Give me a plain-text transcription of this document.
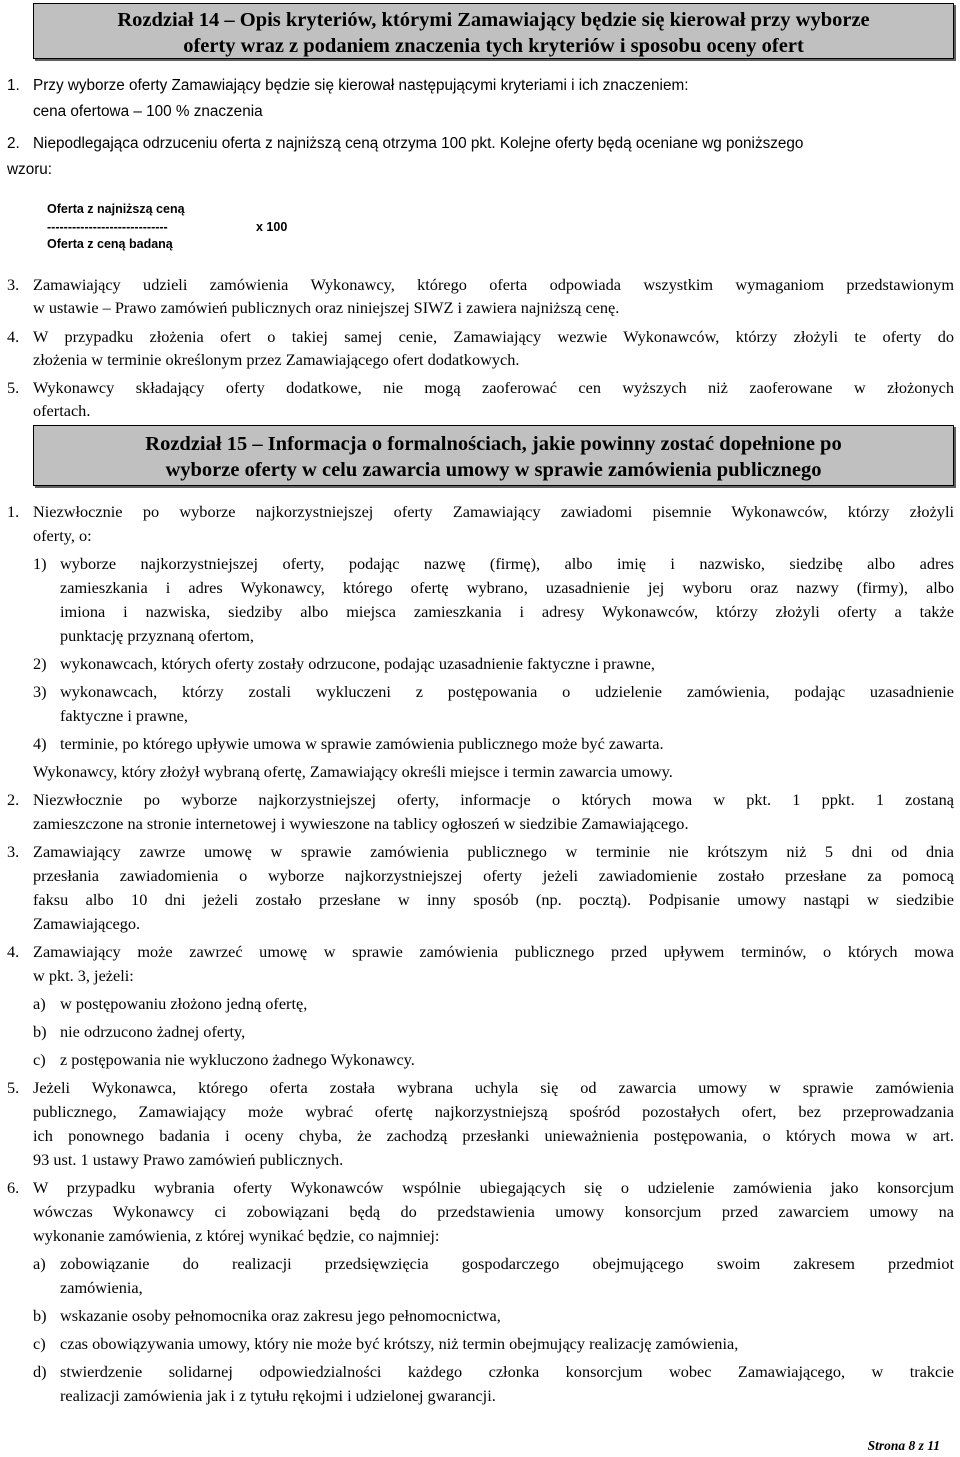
Rozdział 14 – Opis kryteriów, którymi Zamawiający będzie się kierował przy wyborze
oferty wraz z podaniem znaczenia tych kryteriów i sposobu oceny ofert
1. Przy wyborze oferty Zamawiający będzie się kierował następującymi kryteriami i ich znaczeniem:
cena ofertowa – 100 % znaczenia
2. Niepodlegająca odrzuceniu oferta z najniższą ceną otrzyma 100 pkt. Kolejne oferty będą oceniane wg poniższego
wzoru:
Oferta z najniższą ceną
-----------------------------	x 100
Oferta z ceną badaną
3. Zamawiający udzieli zamówienia Wykonawcy, którego oferta odpowiada wszystkim wymaganiom przedstawionym
w ustawie – Prawo zamówień publicznych oraz niniejszej SIWZ i zawiera najniższą cenę.
4. W przypadku złożenia ofert o takiej samej cenie, Zamawiający wezwie Wykonawców, którzy złożyli te oferty do
złożenia w terminie określonym przez Zamawiającego ofert dodatkowych.
5. Wykonawcy składający oferty dodatkowe, nie mogą zaoferować cen wyższych niż zaoferowane w złożonych
ofertach.
Rozdział 15 – Informacja o formalnościach, jakie powinny zostać dopełnione po
wyborze oferty w celu zawarcia umowy w sprawie zamówienia publicznego
1. Niezwłocznie po wyborze najkorzystniejszej oferty Zamawiający zawiadomi pisemnie Wykonawców, którzy złożyli
oferty, o:
1) wyborze najkorzystniejszej oferty, podając nazwę (firmę), albo imię i nazwisko, siedzibę albo adres
zamieszkania i adres Wykonawcy, którego ofertę wybrano, uzasadnienie jej wyboru oraz nazwy (firmy), albo
imiona i nazwiska, siedziby albo miejsca zamieszkania i adresy Wykonawców, którzy złożyli oferty a także
punktację przyznaną ofertom,
2) wykonawcach, których oferty zostały odrzucone, podając uzasadnienie faktyczne i prawne,
3) wykonawcach, którzy zostali wykluczeni z postępowania o udzielenie zamówienia, podając uzasadnienie
faktyczne i prawne,
4) terminie, po którego upływie umowa w sprawie zamówienia publicznego może być zawarta.
Wykonawcy, który złożył wybraną ofertę, Zamawiający określi miejsce i termin zawarcia umowy.
2. Niezwłocznie po wyborze najkorzystniejszej oferty, informacje o których mowa w pkt. 1 ppkt. 1 zostaną
zamieszczone na stronie internetowej i wywieszone na tablicy ogłoszeń w siedzibie Zamawiającego.
3. Zamawiający zawrze umowę w sprawie zamówienia publicznego w terminie nie krótszym niż 5 dni od dnia
przesłania zawiadomienia o wyborze najkorzystniejszej oferty jeżeli zawiadomienie zostało przesłane za pomocą
faksu albo 10 dni jeżeli zostało przesłane w inny sposób (np. pocztą). Podpisanie umowy nastąpi w siedzibie
Zamawiającego.
4. Zamawiający może zawrzeć umowę w sprawie zamówienia publicznego przed upływem terminów, o których mowa
w pkt. 3, jeżeli:
a) w postępowaniu złożono jedną ofertę,
b) nie odrzucono żadnej oferty,
c) z postępowania nie wykluczono żadnego Wykonawcy.
5. Jeżeli Wykonawca, którego oferta została wybrana uchyla się od zawarcia umowy w sprawie zamówienia
publicznego, Zamawiający może wybrać ofertę najkorzystniejszą spośród pozostałych ofert, bez przeprowadzania
ich ponownego badania i oceny chyba, że zachodzą przesłanki unieważnienia postępowania, o których mowa w art.
93 ust. 1 ustawy Prawo zamówień publicznych.
6. W przypadku wybrania oferty Wykonawców wspólnie ubiegających się o udzielenie zamówienia jako konsorcjum
wówczas Wykonawcy ci zobowiązani będą do przedstawienia umowy konsorcjum przed zawarciem umowy na
wykonanie zamówienia, z której wynikać będzie, co najmniej:
a) zobowiązanie do realizacji przedsięwzięcia gospodarczego obejmującego swoim zakresem przedmiot
zamówienia,
b) wskazanie osoby pełnomocnika oraz zakresu jego pełnomocnictwa,
c) czas obowiązywania umowy, który nie może być krótszy, niż termin obejmujący realizację zamówienia,
d) stwierdzenie solidarnej odpowiedzialności każdego członka konsorcjum wobec Zamawiającego, w trakcie
realizacji zamówienia jak i z tytułu rękojmi i udzielonej gwarancji.
Strona 8 z 11
